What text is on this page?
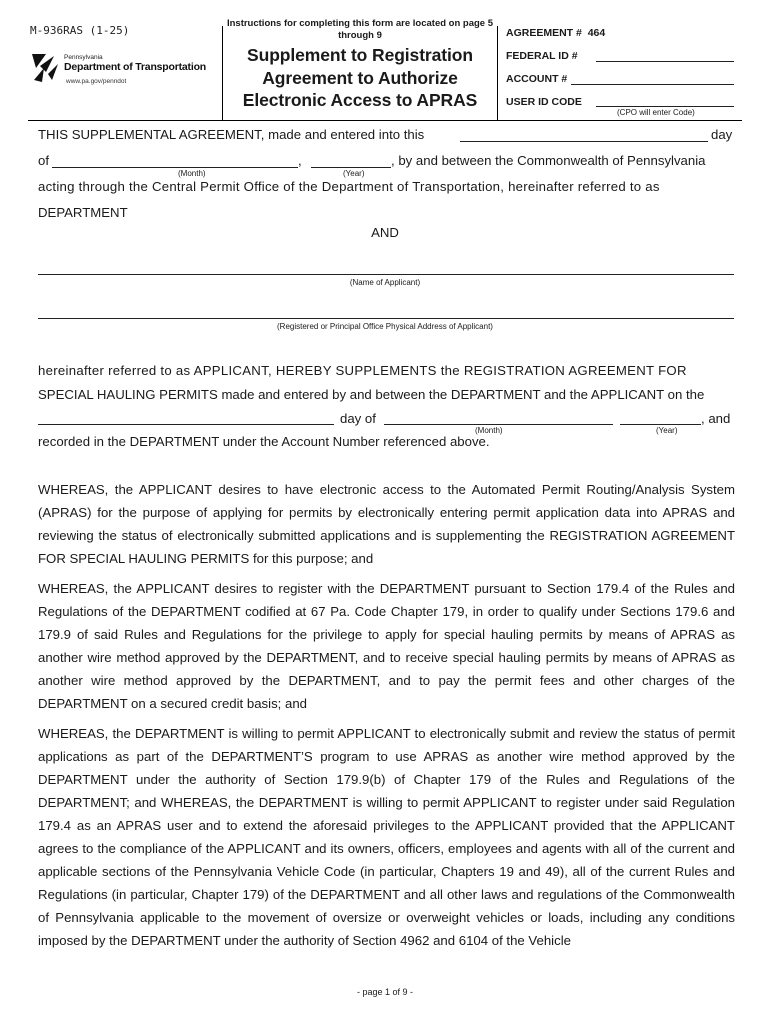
M-936RAS (1-25)
Pennsylvania
Department of Transportation
www.pa.gov/penndot
Instructions for completing this form are located on page 5 through 9
Supplement to Registration
Agreement to Authorize
Electronic Access to APRAS
AGREEMENT # 464
FEDERAL ID #
ACCOUNT #
USER ID CODE
(CPO will enter Code)
THIS SUPPLEMENTAL AGREEMENT, made and entered into this	day
of	,	, by and between the Commonwealth of Pennsylvania
(Month)	(Year)
acting through the Central Permit Office of the Department of Transportation, hereinafter referred to as
DEPARTMENT
AND
(Name of Applicant)
(Registered or Principal Office Physical Address of Applicant)
hereinafter referred to as APPLICANT, HEREBY SUPPLEMENTS the REGISTRATION AGREEMENT FOR
SPECIAL HAULING PERMITS made and entered by and between the DEPARTMENT and the APPLICANT on the
day of	, and
(Month)	(Year)
recorded in the DEPARTMENT under the Account Number referenced above.

WHEREAS, the APPLICANT desires to have electronic access to the Automated Permit Routing/Analysis System (APRAS) for the purpose of applying for permits by electronically entering permit application data into APRAS and reviewing the status of electronically submitted applications and is supplementing the REGISTRATION AGREEMENT FOR SPECIAL HAULING PERMITS for this purpose; and

WHEREAS, the APPLICANT desires to register with the DEPARTMENT pursuant to Section 179.4 of the Rules and Regulations of the DEPARTMENT codified at 67 Pa. Code Chapter 179, in order to qualify under Sections 179.6 and 179.9 of said Rules and Regulations for the privilege to apply for special hauling permits by means of APRAS as another wire method approved by the DEPARTMENT, and to receive special hauling permits by means of APRAS as another wire method approved by the DEPARTMENT, and to pay the permit fees and other charges of the DEPARTMENT on a secured credit basis; and

WHEREAS, the DEPARTMENT is willing to permit APPLICANT to electronically submit and review the status of permit applications as part of the DEPARTMENT’S program to use APRAS as another wire method approved by the DEPARTMENT under the authority of Section 179.9(b) of Chapter 179 of the Rules and Regulations of the DEPARTMENT; and WHEREAS, the DEPARTMENT is willing to permit APPLICANT to register under said Regulation 179.4 as an APRAS user and to extend the aforesaid privileges to the APPLICANT provided that the APPLICANT agrees to the compliance of the APPLICANT and its owners, officers, employees and agents with all of the current and applicable sections of the Pennsylvania Vehicle Code (in particular, Chapters 19 and 49), all of the current Rules and Regulations (in particular, Chapter 179) of the DEPARTMENT and all other laws and regulations of the Commonwealth of Pennsylvania applicable to the movement of oversize or overweight vehicles or loads, including any conditions imposed by the DEPARTMENT under the authority of Section 4962 and 6104 of the Vehicle

- page 1 of 9 -
